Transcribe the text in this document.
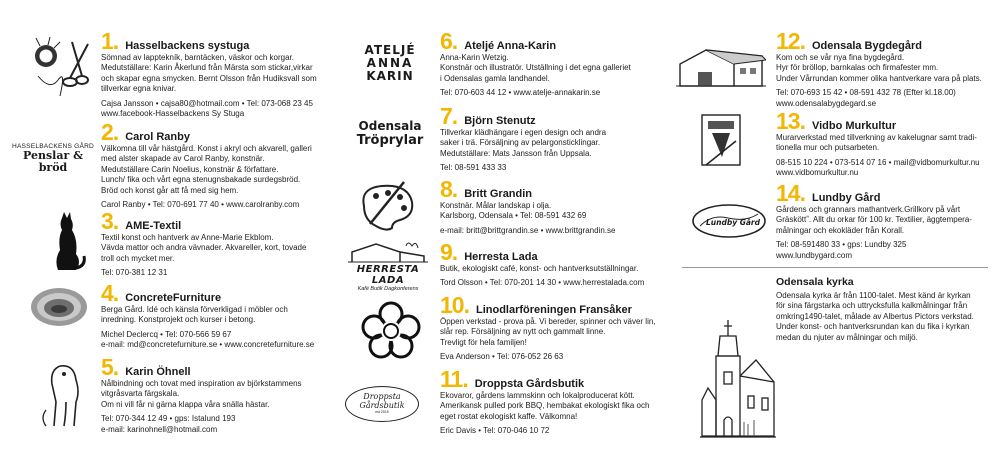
1. Hasselbackens systuga
Sömnad av lapptekník, barntäcken, väskor och korgar.
Medutställare: Karin Åkerlund från Märsta som stickar,virkar
och skapar egna smycken. Bernt Olsson från Hudiksvall som
tillverkar egna knivar.
Cajsa Jansson • cajsa80@hotmail.com • Tel: 073-068 23 45
www.facebook-Hasselbackens Sy Stuga
2. Carol Ranby
Välkomna till vår hästgård. Konst i akryl och akvarell, galleri
med alster skapade av Carol Ranby, konstnär.
Medutställare Carin Noelius, konstnär & författare.
Lunch/ fika och vårt egna stenugnsbakade surdegsbröd.
Bröd och konst går att få med sig hem.
Carol Ranby • Tel: 070-691 77 40 • www.carolranby.com
3. AME-Textil
Textil konst och hantverk av Anne-Marie Ekblom.
Vävda mattor och andra vävnader. Akvareller, kort, tovade
troll och mycket mer.
Tel: 070-381 12 31
4. ConcreteFurniture
Berga Gård. Idé och känsla förverkligad i möbler och
inredning. Konstprojekt och kurser i betong.
Michel Declercq • Tel: 070-566 59 67
e-mail: md@concretefurniture.se • www.concretefurniture.se
5. Karin Öhnell
Nålbindning och tovat med inspiration av björkstammens
vitgråsvarta färgskala.
Om ni vill får ni gärna klappa våra snälla hästar.
Tel: 070-344 12 49 • gps: Istalund 193
e-mail: karinohnell@hotmail.com
HASSELBACKENS GÅRD
Penslar & bröd
6. Ateljé Anna-Karin
Anna-Karin Wetzig.
Konstnär och illustratör. Utställning i det egna galleriet
i Odensalas gamla landhandel.
Tel: 070-603 44 12 • www.atelje-annakarin.se
7. Björn Stenutz
Tillverkar klädhängare i egen design och andra
saker i trä. Försäljning av pelargonsticklingar.
Medutställare: Mats Jansson från Uppsala.
Tel: 08-591 433 33
8. Britt Grandin
Konstnär. Målar landskap i olja.
Karlsborg, Odensala • Tel: 08-591 432 69
e-mail: britt@brittgrandin.se • www.brittgrandin.se
9. Herresta Lada
Butik, ekologiskt café, konst- och hantverksutställningar.
Tord Olsson • Tel: 070-201 14 30 • www.herrestalada.com
10. Linodlarföreningen Fransåker
Öppen verkstad - prova på. Vi bereder, spinner och väver lin,
slår rep. Försäljning av nytt och gammalt linne.
Trevligt för hela familjen!
Eva Anderson • Tel: 076-052 26 63
11. Droppsta Gårdsbutik
Ekovaror, gårdens lammskinn och lokalproducerat kött.
Amerikansk pulled pork BBQ, hembakat ekologiskt fika och
eget rostat ekologiskt kaffe. Välkomna!
Eric Davis • Tel: 070-046 10 72
ATELJÉ
ANNA
KARIN
Odensala
Tröprylar
HERRESTA LADA
Kafé Butik Dagkonferens
Droppsta
Gårdsbutik
est 2015
12. Odensala Bygdegård
Kom och se vår nya fina bygdegård.
Hyr för bröllop, barnkalas och firmafester mm.
Under Vårrundan kommer olika hantverkare vara på plats.
Tel: 070-693 15 42 • 08-591 432 78 (Efter kl.18.00)
www.odensalabygdegard.se
13. Vidbo Murkultur
Murarverkstad med tillverkning av kakelugnar samt tradi-
tionella mur och putsarbeten.
08-515 10 224 • 073-514 07 16 • mail@vidbomurkultur.nu
www.vidbomurkultur.nu
14. Lundby Gård
Gårdens och grannars mathantverk.Grillkorv på vårt
Gräsköttˮ. Allt du orkar för 100 kr. Textilier, äggtempera-
målningar och ekokläder från Korall.
Tel: 08-591480 33 • gps: Lundby 325
www.lundbygard.com
Odensala kyrka
Odensala kyrka är från 1100-talet. Mest känd är kyrkan
för sina färgstarka och uttrycksfulla kalkmålningar från
omkring1490-talet, målade av Albertus Pictors verkstad.
Under konst- och hantverksrundan kan du fika i kyrkan
medan du njuter av målningar och miljö.
Lundby Gård
